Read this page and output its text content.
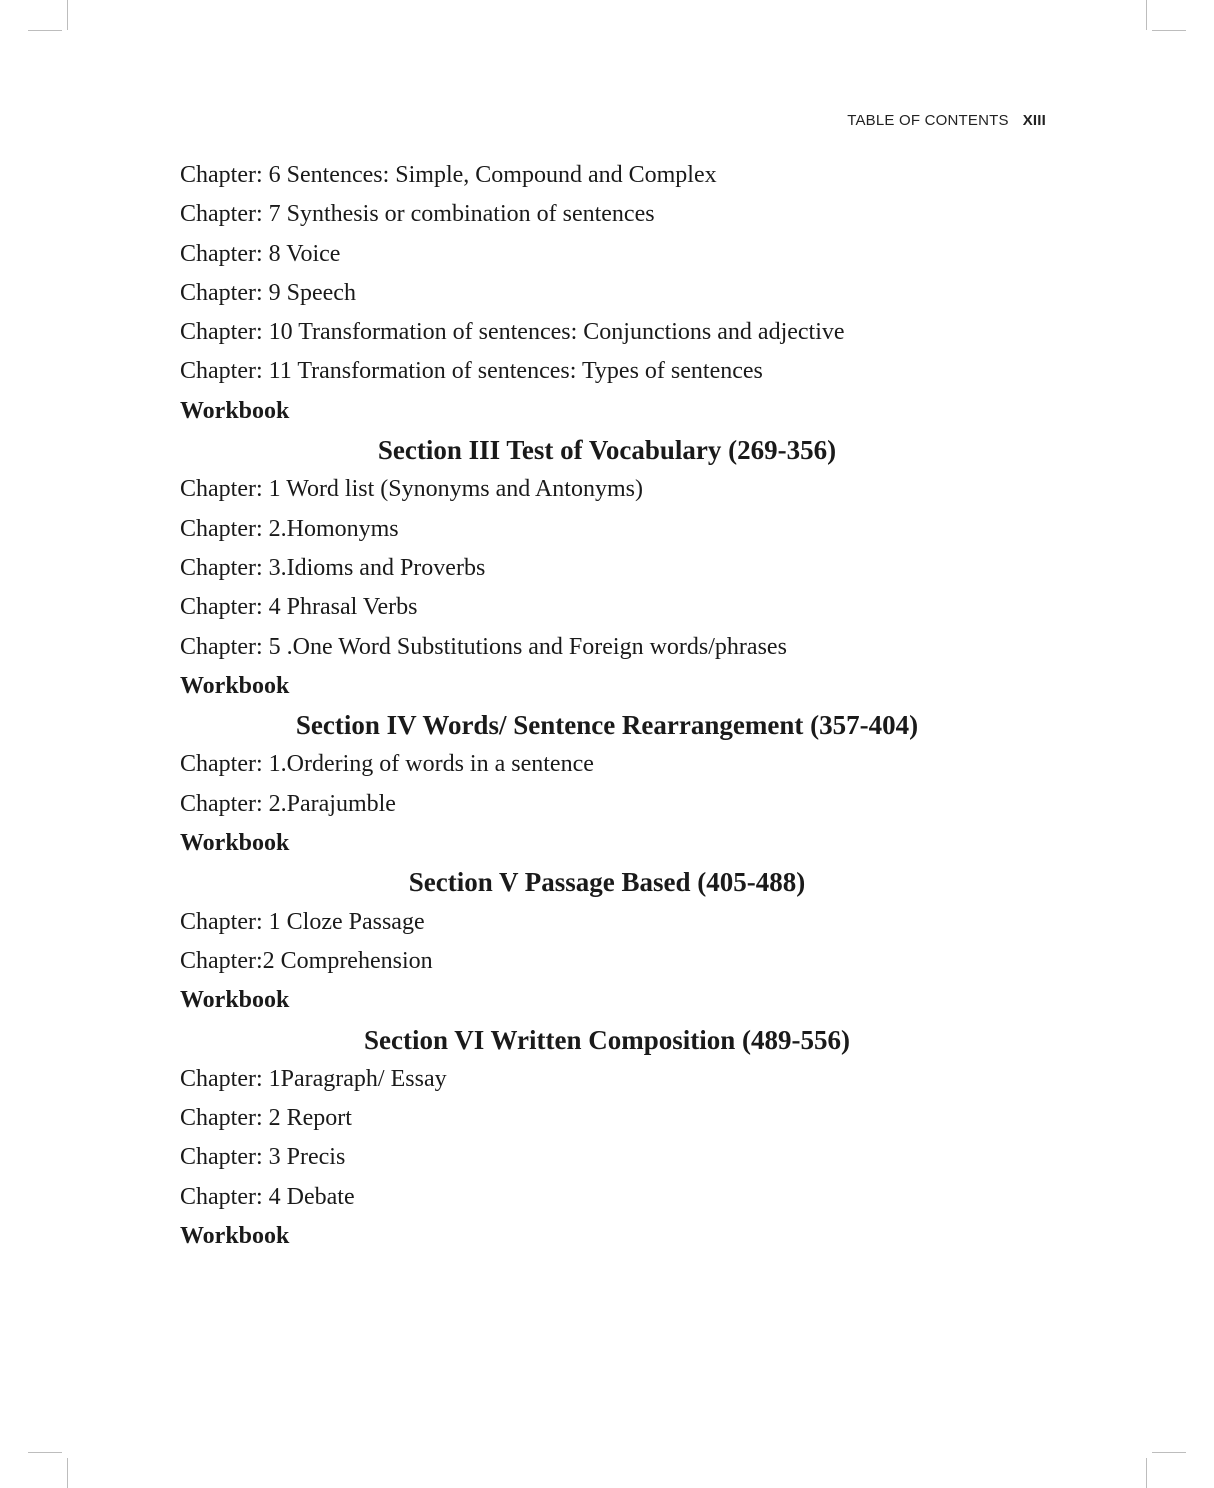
TABLE OF CONTENTS XIII
Chapter: 6 Sentences: Simple, Compound and Complex
Chapter: 7 Synthesis or combination of sentences
Chapter: 8 Voice
Chapter: 9 Speech
Chapter: 10 Transformation of sentences: Conjunctions and adjective
Chapter: 11 Transformation of sentences: Types of sentences
Workbook
Section III Test of Vocabulary (269-356)
Chapter: 1 Word list (Synonyms and Antonyms)
Chapter: 2.Homonyms
Chapter: 3.Idioms and Proverbs
Chapter: 4 Phrasal Verbs
Chapter: 5 .One Word Substitutions and Foreign words/phrases
Workbook
Section IV Words/ Sentence Rearrangement (357-404)
Chapter: 1.Ordering of words in a sentence
Chapter: 2.Parajumble
Workbook
Section V Passage Based (405-488)
Chapter: 1 Cloze Passage
Chapter:2 Comprehension
Workbook
Section VI Written Composition (489-556)
Chapter: 1Paragraph/ Essay
Chapter: 2 Report
Chapter: 3 Precis
Chapter: 4 Debate
Workbook
